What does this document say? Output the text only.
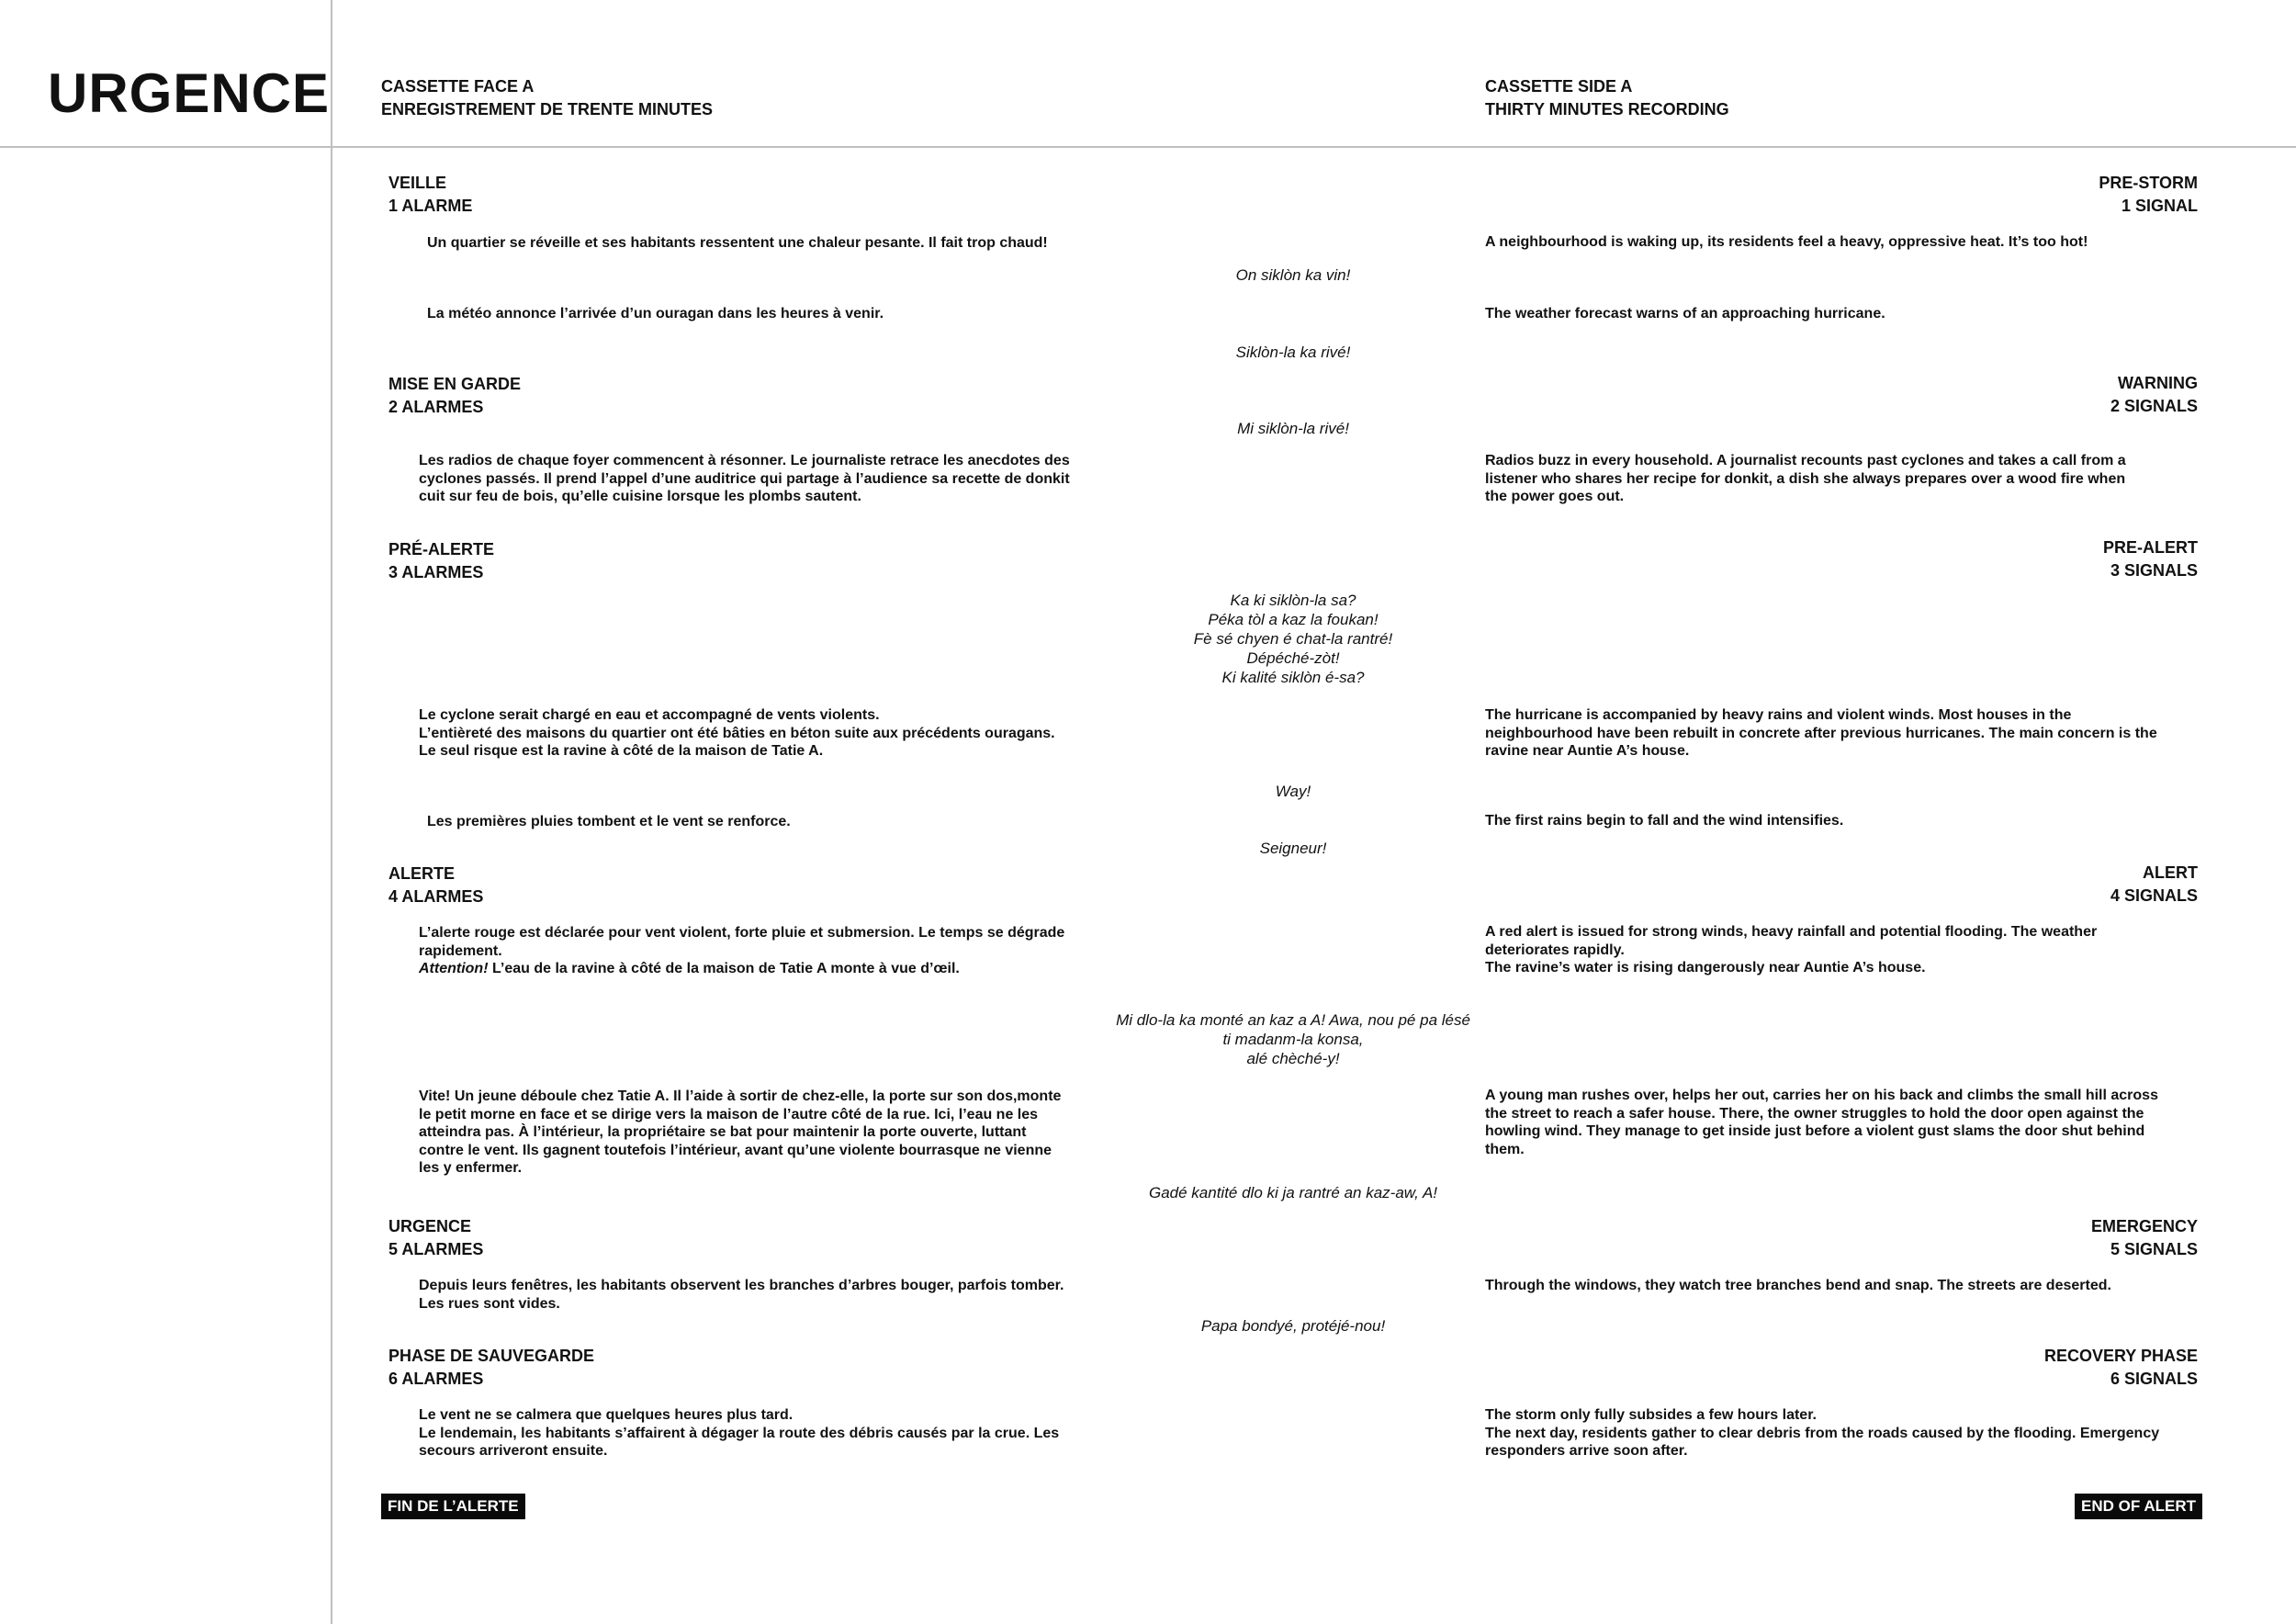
URGENCE	CASSETTE FACE A
ENREGISTREMENT DE TRENTE MINUTES
CASSETTE SIDE A
THIRTY MINUTES RECORDING
VEILLE
1 ALARME
PRE-STORM
1 SIGNAL
Un quartier se réveille et ses habitants ressentent une chaleur pesante. Il fait trop chaud!	A neighbourhood is waking up, its residents feel a heavy, oppressive heat. It’s too hot!
On siklòn ka vin!
La météo annonce l’arrivée d’un ouragan dans les heures à venir.	The weather forecast warns of an approaching hurricane.
Siklòn-la ka rivé!
MISE EN GARDE
2 ALARMES
WARNING
2 SIGNALS
Mi siklòn-la rivé!
Les radios de chaque foyer commencent à résonner. Le journaliste retrace les anecdotes des
cyclones passés. Il prend l’appel d’une auditrice qui partage à l’audience sa recette de donkit
cuit sur feu de bois, qu’elle cuisine lorsque les plombs sautent.
Radios buzz in every household. A journalist recounts past cyclones and takes a call from a
listener who shares her recipe for donkit, a dish she always prepares over a wood fire when
the power goes out.
PRÉ-ALERTE
3 ALARMES
PRE-ALERT
3 SIGNALS
Ka ki siklòn-la sa?
Péka tòl a kaz la foukan!
Fè sé chyen é chat-la rantré!
Dépéché-zòt!
Ki kalité siklòn é-sa?
Le cyclone serait chargé en eau et accompagné de vents violents.
L’entièreté des maisons du quartier ont été bâties en béton suite aux précédents ouragans.
Le seul risque est la ravine à côté de la maison de Tatie A.
The hurricane is accompanied by heavy rains and violent winds. Most houses in the
neighbourhood have been rebuilt in concrete after previous hurricanes. The main concern is the
ravine near Auntie A’s house.
Way!
Les premières pluies tombent et le vent se renforce.	The first rains begin to fall and the wind intensifies.
Seigneur!
ALERTE
4 ALARMES
ALERT
4 SIGNALS
L’alerte rouge est déclarée pour vent violent, forte pluie et submersion. Le temps se dégrade
rapidement.
Attention! L’eau de la ravine à côté de la maison de Tatie A monte à vue d’œil.
A red alert is issued for strong winds, heavy rainfall and potential flooding. The weather
deteriorates rapidly.
The ravine’s water is rising dangerously near Auntie A’s house.
Mi dlo-la ka monté an kaz a A! Awa, nou pé pa lésé
ti madanm-la konsa,
alé chèché-y!
Vite! Un jeune déboule chez Tatie A. Il l’aide à sortir de chez-elle, la porte sur son dos,monte
le petit morne en face et se dirige vers la maison de l’autre côté de la rue. Ici, l’eau ne les
atteindra pas. À l’intérieur, la propriétaire se bat pour maintenir la porte ouverte, luttant
contre le vent. Ils gagnent toutefois l’intérieur, avant qu’une violente bourrasque ne vienne
les y enfermer.
A young man rushes over, helps her out, carries her on his back and climbs the small hill across
the street to reach a safer house. There, the owner struggles to hold the door open against the
howling wind. They manage to get inside just before a violent gust slams the door shut behind
them.
Gadé kantité dlo ki ja rantré an kaz-aw, A!
URGENCE
5 ALARMES
EMERGENCY
5 SIGNALS
Depuis leurs fenêtres, les habitants observent les branches d’arbres bouger, parfois tomber.
Les rues sont vides.
Through the windows, they watch tree branches bend and snap. The streets are deserted.
Papa bondyé, protéjé-nou!
PHASE DE SAUVEGARDE
6 ALARMES
RECOVERY PHASE
6 SIGNALS
Le vent ne se calmera que quelques heures plus tard.
Le lendemain, les habitants s’affairent à dégager la route des débris causés par la crue. Les
secours arriveront ensuite.
The storm only fully subsides a few hours later.
The next day, residents gather to clear debris from the roads caused by the flooding. Emergency
responders arrive soon after.
FIN DE L’ALERTE	END OF ALERT
